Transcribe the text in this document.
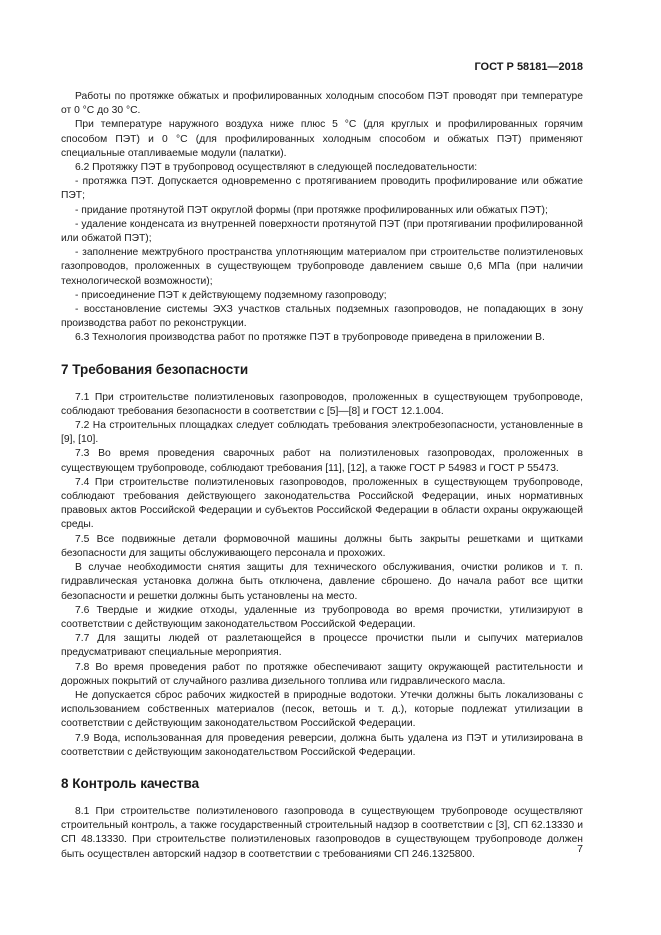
ГОСТ Р 58181—2018

Работы по протяжке обжатых и профилированных холодным способом ПЭТ проводят при температуре от 0 °С до 30 °С.

При температуре наружного воздуха ниже плюс 5 °С (для круглых и профилированных горячим способом ПЭТ) и 0 °С (для профилированных холодным способом и обжатых ПЭТ) применяют специальные отапливаемые модули (палатки).

6.2 Протяжку ПЭТ в трубопровод осуществляют в следующей последовательности:

- протяжка ПЭТ. Допускается одновременно с протягиванием проводить профилирование или обжатие ПЭТ;

- придание протянутой ПЭТ округлой формы (при протяжке профилированных или обжатых ПЭТ);

- удаление конденсата из внутренней поверхности протянутой ПЭТ (при протягивании профилированной или обжатой ПЭТ);

- заполнение межтрубного пространства уплотняющим материалом при строительстве полиэтиленовых газопроводов, проложенных в существующем трубопроводе давлением свыше 0,6 МПа (при наличии технологической возможности);

- присоединение ПЭТ к действующему подземному газопроводу;

- восстановление системы ЭХЗ участков стальных подземных газопроводов, не попадающих в зону производства работ по реконструкции.

6.3 Технология производства работ по протяжке ПЭТ в трубопроводе приведена в приложении В.

7 Требования безопасности

7.1 При строительстве полиэтиленовых газопроводов, проложенных в существующем трубопроводе, соблюдают требования безопасности в соответствии с [5]—[8] и ГОСТ 12.1.004.

7.2 На строительных площадках следует соблюдать требования электробезопасности, установленные в [9], [10].

7.3 Во время проведения сварочных работ на полиэтиленовых газопроводах, проложенных в существующем трубопроводе, соблюдают требования [11], [12], а также ГОСТ Р 54983 и ГОСТ Р 55473.

7.4 При строительстве полиэтиленовых газопроводов, проложенных в существующем трубопроводе, соблюдают требования действующего законодательства Российской Федерации, иных нормативных правовых актов Российской Федерации и субъектов Российской Федерации в области охраны окружающей среды.

7.5 Все подвижные детали формовочной машины должны быть закрыты решетками и щитками безопасности для защиты обслуживающего персонала и прохожих.

В случае необходимости снятия защиты для технического обслуживания, очистки роликов и т. п. гидравлическая установка должна быть отключена, давление сброшено. До начала работ все щитки безопасности и решетки должны быть установлены на место.

7.6 Твердые и жидкие отходы, удаленные из трубопровода во время прочистки, утилизируют в соответствии с действующим законодательством Российской Федерации.

7.7 Для защиты людей от разлетающейся в процессе прочистки пыли и сыпучих материалов предусматривают специальные мероприятия.

7.8 Во время проведения работ по протяжке обеспечивают защиту окружающей растительности и дорожных покрытий от случайного разлива дизельного топлива или гидравлического масла.

Не допускается сброс рабочих жидкостей в природные водотоки. Утечки должны быть локализованы с использованием собственных материалов (песок, ветошь и т. д.), которые подлежат утилизации в соответствии с действующим законодательством Российской Федерации.

7.9 Вода, использованная для проведения реверсии, должна быть удалена из ПЭТ и утилизирована в соответствии с действующим законодательством Российской Федерации.

8 Контроль качества

8.1 При строительстве полиэтиленового газопровода в существующем трубопроводе осуществляют строительный контроль, а также государственный строительный надзор в соответствии с [3], СП 62.13330 и СП 48.13330. При строительстве полиэтиленовых газопроводов в существующем трубопроводе должен быть осуществлен авторский надзор в соответствии с требованиями СП 246.1325800.	7
